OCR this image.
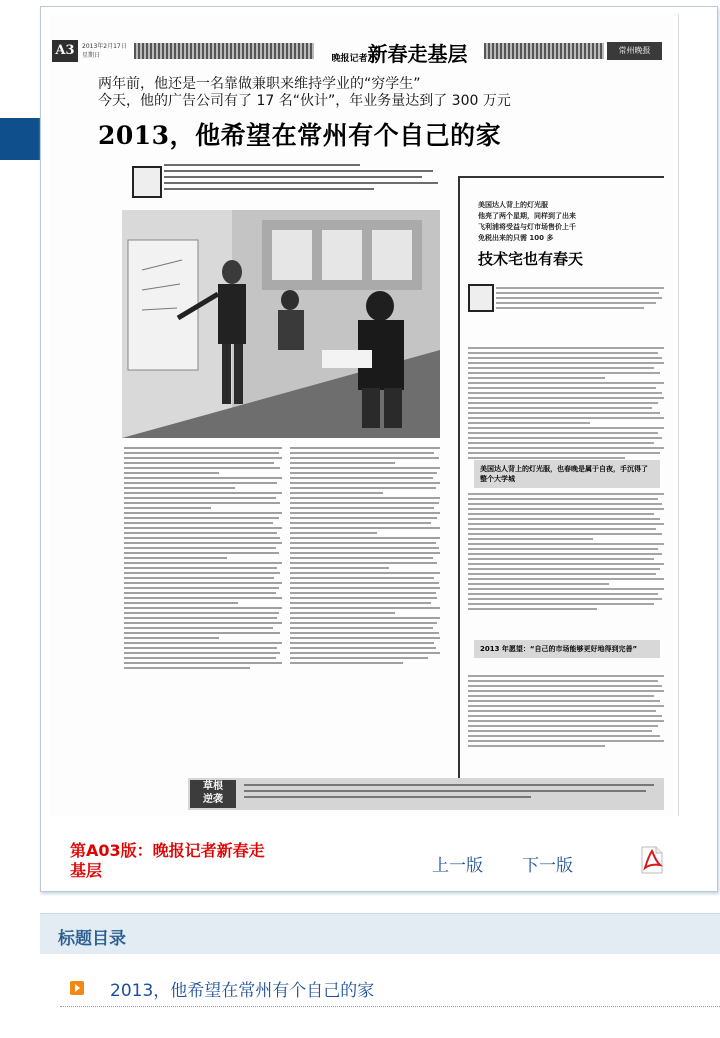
A3	2013年2月17日 星期日	晚报记者新春走基层	常州晚报
两年前，他还是一名靠做兼职来维持学业的“穷学生”
今天，他的广告公司有了 17 名“伙计”，年业务量达到了 300 万元
2013，他希望在常州有个自己的家
美国达人背上的灯光服
他亮了两个星期，同样到了出来
飞利浦将受益与灯市场售价上千
免税出来的只需 100 多
技术宅也有春天
美国达人背上的灯光服，也春晚是属于自夜，手沉得了整个大学城
2013 年愿望：“自己的市场能够更好地得到完善”
草根
逆袭
第A03版：晚报记者新春走基层	上一版 下一版
标题目录
2013，他希望在常州有个自己的家
